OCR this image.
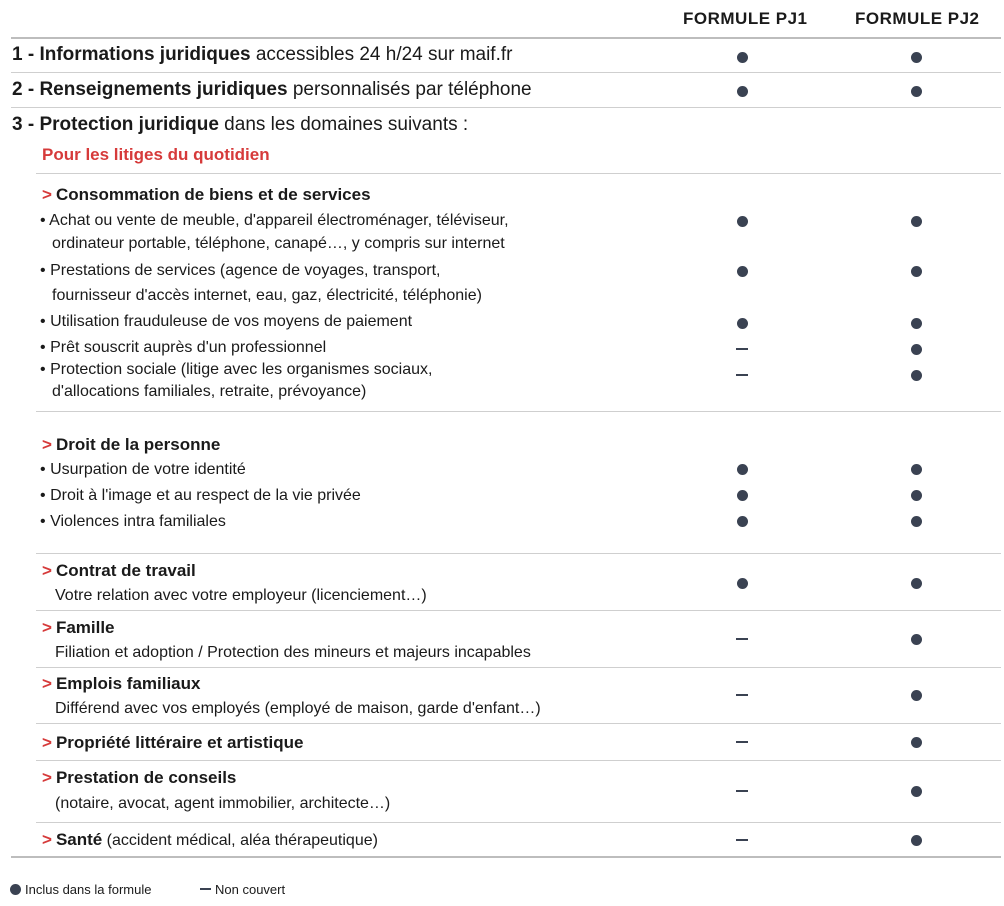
FORMULE PJ1	FORMULE PJ2
1 - Informations juridiques accessibles 24 h/24 sur maif.fr
2 - Renseignements juridiques personnalisés par téléphone
3 - Protection juridique dans les domaines suivants :
Pour les litiges du quotidien
> Consommation de biens et de services
• Achat ou vente de meuble, d'appareil électroménager, téléviseur,
ordinateur portable, téléphone, canapé…, y compris sur internet
• Prestations de services (agence de voyages, transport,
fournisseur d'accès internet, eau, gaz, électricité, téléphonie)
• Utilisation frauduleuse de vos moyens de paiement
• Prêt souscrit auprès d'un professionnel
• Protection sociale (litige avec les organismes sociaux,
d'allocations familiales, retraite, prévoyance)
> Droit de la personne
• Usurpation de votre identité
• Droit à l'image et au respect de la vie privée
• Violences intra familiales
> Contrat de travail
Votre relation avec votre employeur (licenciement…)
> Famille
Filiation et adoption / Protection des mineurs et majeurs incapables
> Emplois familiaux
Différend avec vos employés (employé de maison, garde d'enfant…)
> Propriété littéraire et artistique
> Prestation de conseils
(notaire, avocat, agent immobilier, architecte…)
> Santé (accident médical, aléa thérapeutique)
Inclus dans la formule	Non couvert
